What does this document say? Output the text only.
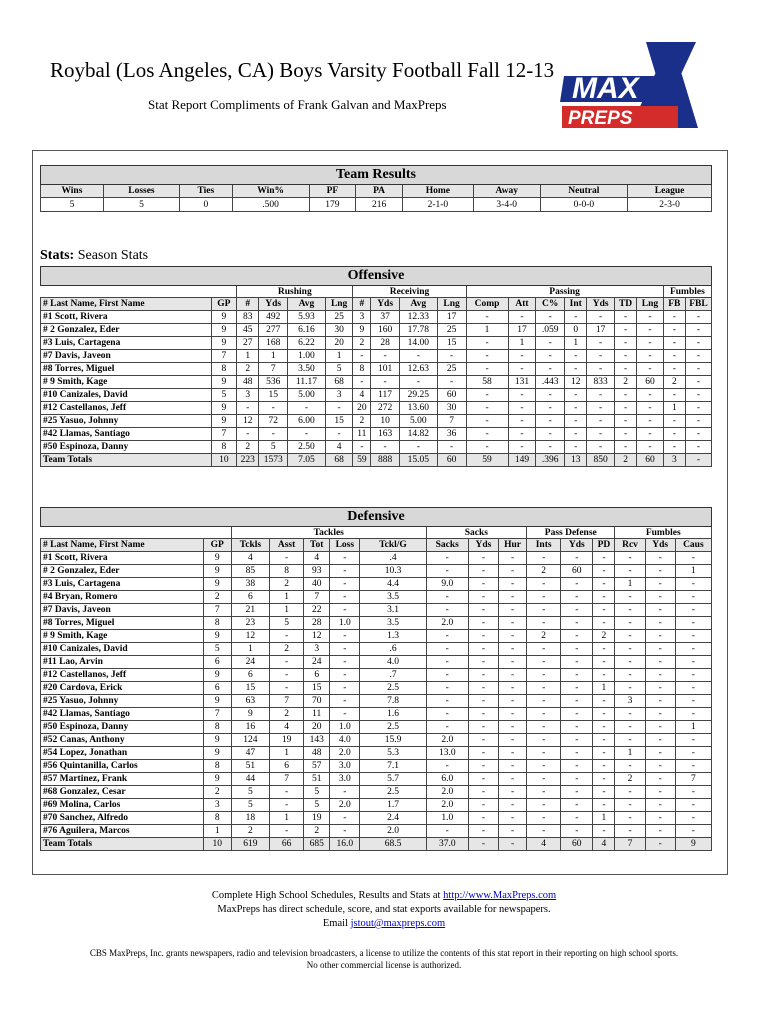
Roybal (Los Angeles, CA) Boys Varsity Football Fall 12-13
Stat Report Compliments of Frank Galvan and MaxPreps	MAX
PREPS
Team Results									
Wins	Losses	Ties	Win%	PF	PA	Home	Away	Neutral	League
5	5	0	.500	179	216	2-1-0	3-4-0	0-0-0	2-3-0
Stats: Season Stats
Offensive																		
		Rushing				Receiving				Passing							Fumbles	
# Last Name, First Name	GP	#	Yds	Avg	Lng	#	Yds	Avg	Lng	Comp	Att	C%	Int	Yds	TD	Lng	FB	FBL
#1 Scott, Rivera	9	83	492	5.93	25	3	37	12.33	17	-	-	-	-	-	-	-	-	-
# 2 Gonzalez, Eder	9	45	277	6.16	30	9	160	17.78	25	1	17	.059	0	17	-	-	-	-
#3 Luis, Cartagena	9	27	168	6.22	20	2	28	14.00	15	-	1	-	1	-	-	-	-	-
#7 Davis, Javeon	7	1	1	1.00	1	-	-	-	-	-	-	-	-	-	-	-	-	-
#8 Torres, Miguel	8	2	7	3.50	5	8	101	12.63	25	-	-	-	-	-	-	-	-	-
# 9 Smith, Kage	9	48	536	11.17	68	-	-	-	-	58	131	.443	12	833	2	60	2	-
#10 Canizales, David	5	3	15	5.00	3	4	117	29.25	60	-	-	-	-	-	-	-	-	-
#12 Castellanos, Jeff	9	-	-	-	-	20	272	13.60	30	-	-	-	-	-	-	-	1	-
#25 Yasuo, Johnny	9	12	72	6.00	15	2	10	5.00	7	-	-	-	-	-	-	-	-	-
#42 Llamas, Santiago	7	-	-	-	-	11	163	14.82	36	-	-	-	-	-	-	-	-	-
#50 Espinoza, Danny	8	2	5	2.50	4	-	-	-	-	-	-	-	-	-	-	-	-	-
Team Totals	10	223	1573	7.05	68	59	888	15.05	60	59	149	.396	13	850	2	60	3	-
Defensive															
		Tackles					Sacks			Pass Defense			Fumbles		
# Last Name, First Name	GP	Tckls	Asst	Tot	Loss	Tckl/G	Sacks	Yds	Hur	Ints	Yds	PD	Rcv	Yds	Caus
#1 Scott, Rivera	9	4	-	4	-	.4	-	-	-	-	-	-	-	-	-
# 2 Gonzalez, Eder	9	85	8	93	-	10.3	-	-	-	2	60	-	-	-	1
#3 Luis, Cartagena	9	38	2	40	-	4.4	9.0	-	-	-	-	-	1	-	-
#4 Bryan, Romero	2	6	1	7	-	3.5	-	-	-	-	-	-	-	-	-
#7 Davis, Javeon	7	21	1	22	-	3.1	-	-	-	-	-	-	-	-	-
#8 Torres, Miguel	8	23	5	28	1.0	3.5	2.0	-	-	-	-	-	-	-	-
# 9 Smith, Kage	9	12	-	12	-	1.3	-	-	-	2	-	2	-	-	-
#10 Canizales, David	5	1	2	3	-	.6	-	-	-	-	-	-	-	-	-
#11 Lao, Arvin	6	24	-	24	-	4.0	-	-	-	-	-	-	-	-	-
#12 Castellanos, Jeff	9	6	-	6	-	.7	-	-	-	-	-	-	-	-	-
#20 Cardova, Erick	6	15	-	15	-	2.5	-	-	-	-	-	1	-	-	-
#25 Yasuo, Johnny	9	63	7	70	-	7.8	-	-	-	-	-	-	3	-	-
#42 Llamas, Santiago	7	9	2	11	-	1.6	-	-	-	-	-	-	-	-	-
#50 Espinoza, Danny	8	16	4	20	1.0	2.5	-	-	-	-	-	-	-	-	1
#52 Canas, Anthony	9	124	19	143	4.0	15.9	2.0	-	-	-	-	-	-	-	-
#54 Lopez, Jonathan	9	47	1	48	2.0	5.3	13.0	-	-	-	-	-	1	-	-
#56 Quintanilla, Carlos	8	51	6	57	3.0	7.1	-	-	-	-	-	-	-	-	-
#57 Martinez, Frank	9	44	7	51	3.0	5.7	6.0	-	-	-	-	-	2	-	7
#68 Gonzalez, Cesar	2	5	-	5	-	2.5	2.0	-	-	-	-	-	-	-	-
#69 Molina, Carlos	3	5	-	5	2.0	1.7	2.0	-	-	-	-	-	-	-	-
#70 Sanchez, Alfredo	8	18	1	19	-	2.4	1.0	-	-	-	-	1	-	-	-
#76 Aguilera, Marcos	1	2	-	2	-	2.0	-	-	-	-	-	-	-	-	-
Team Totals	10	619	66	685	16.0	68.5	37.0	-	-	4	60	4	7	-	9
Complete High School Schedules, Results and Stats at http://www.MaxPreps.com
MaxPreps has direct schedule, score, and stat exports available for newspapers.
Email jstout@maxpreps.com
CBS MaxPreps, Inc. grants newspapers, radio and television broadcasters, a license to utilize the contents of this stat report in their reporting on high school sports.
No other commercial license is authorized.
